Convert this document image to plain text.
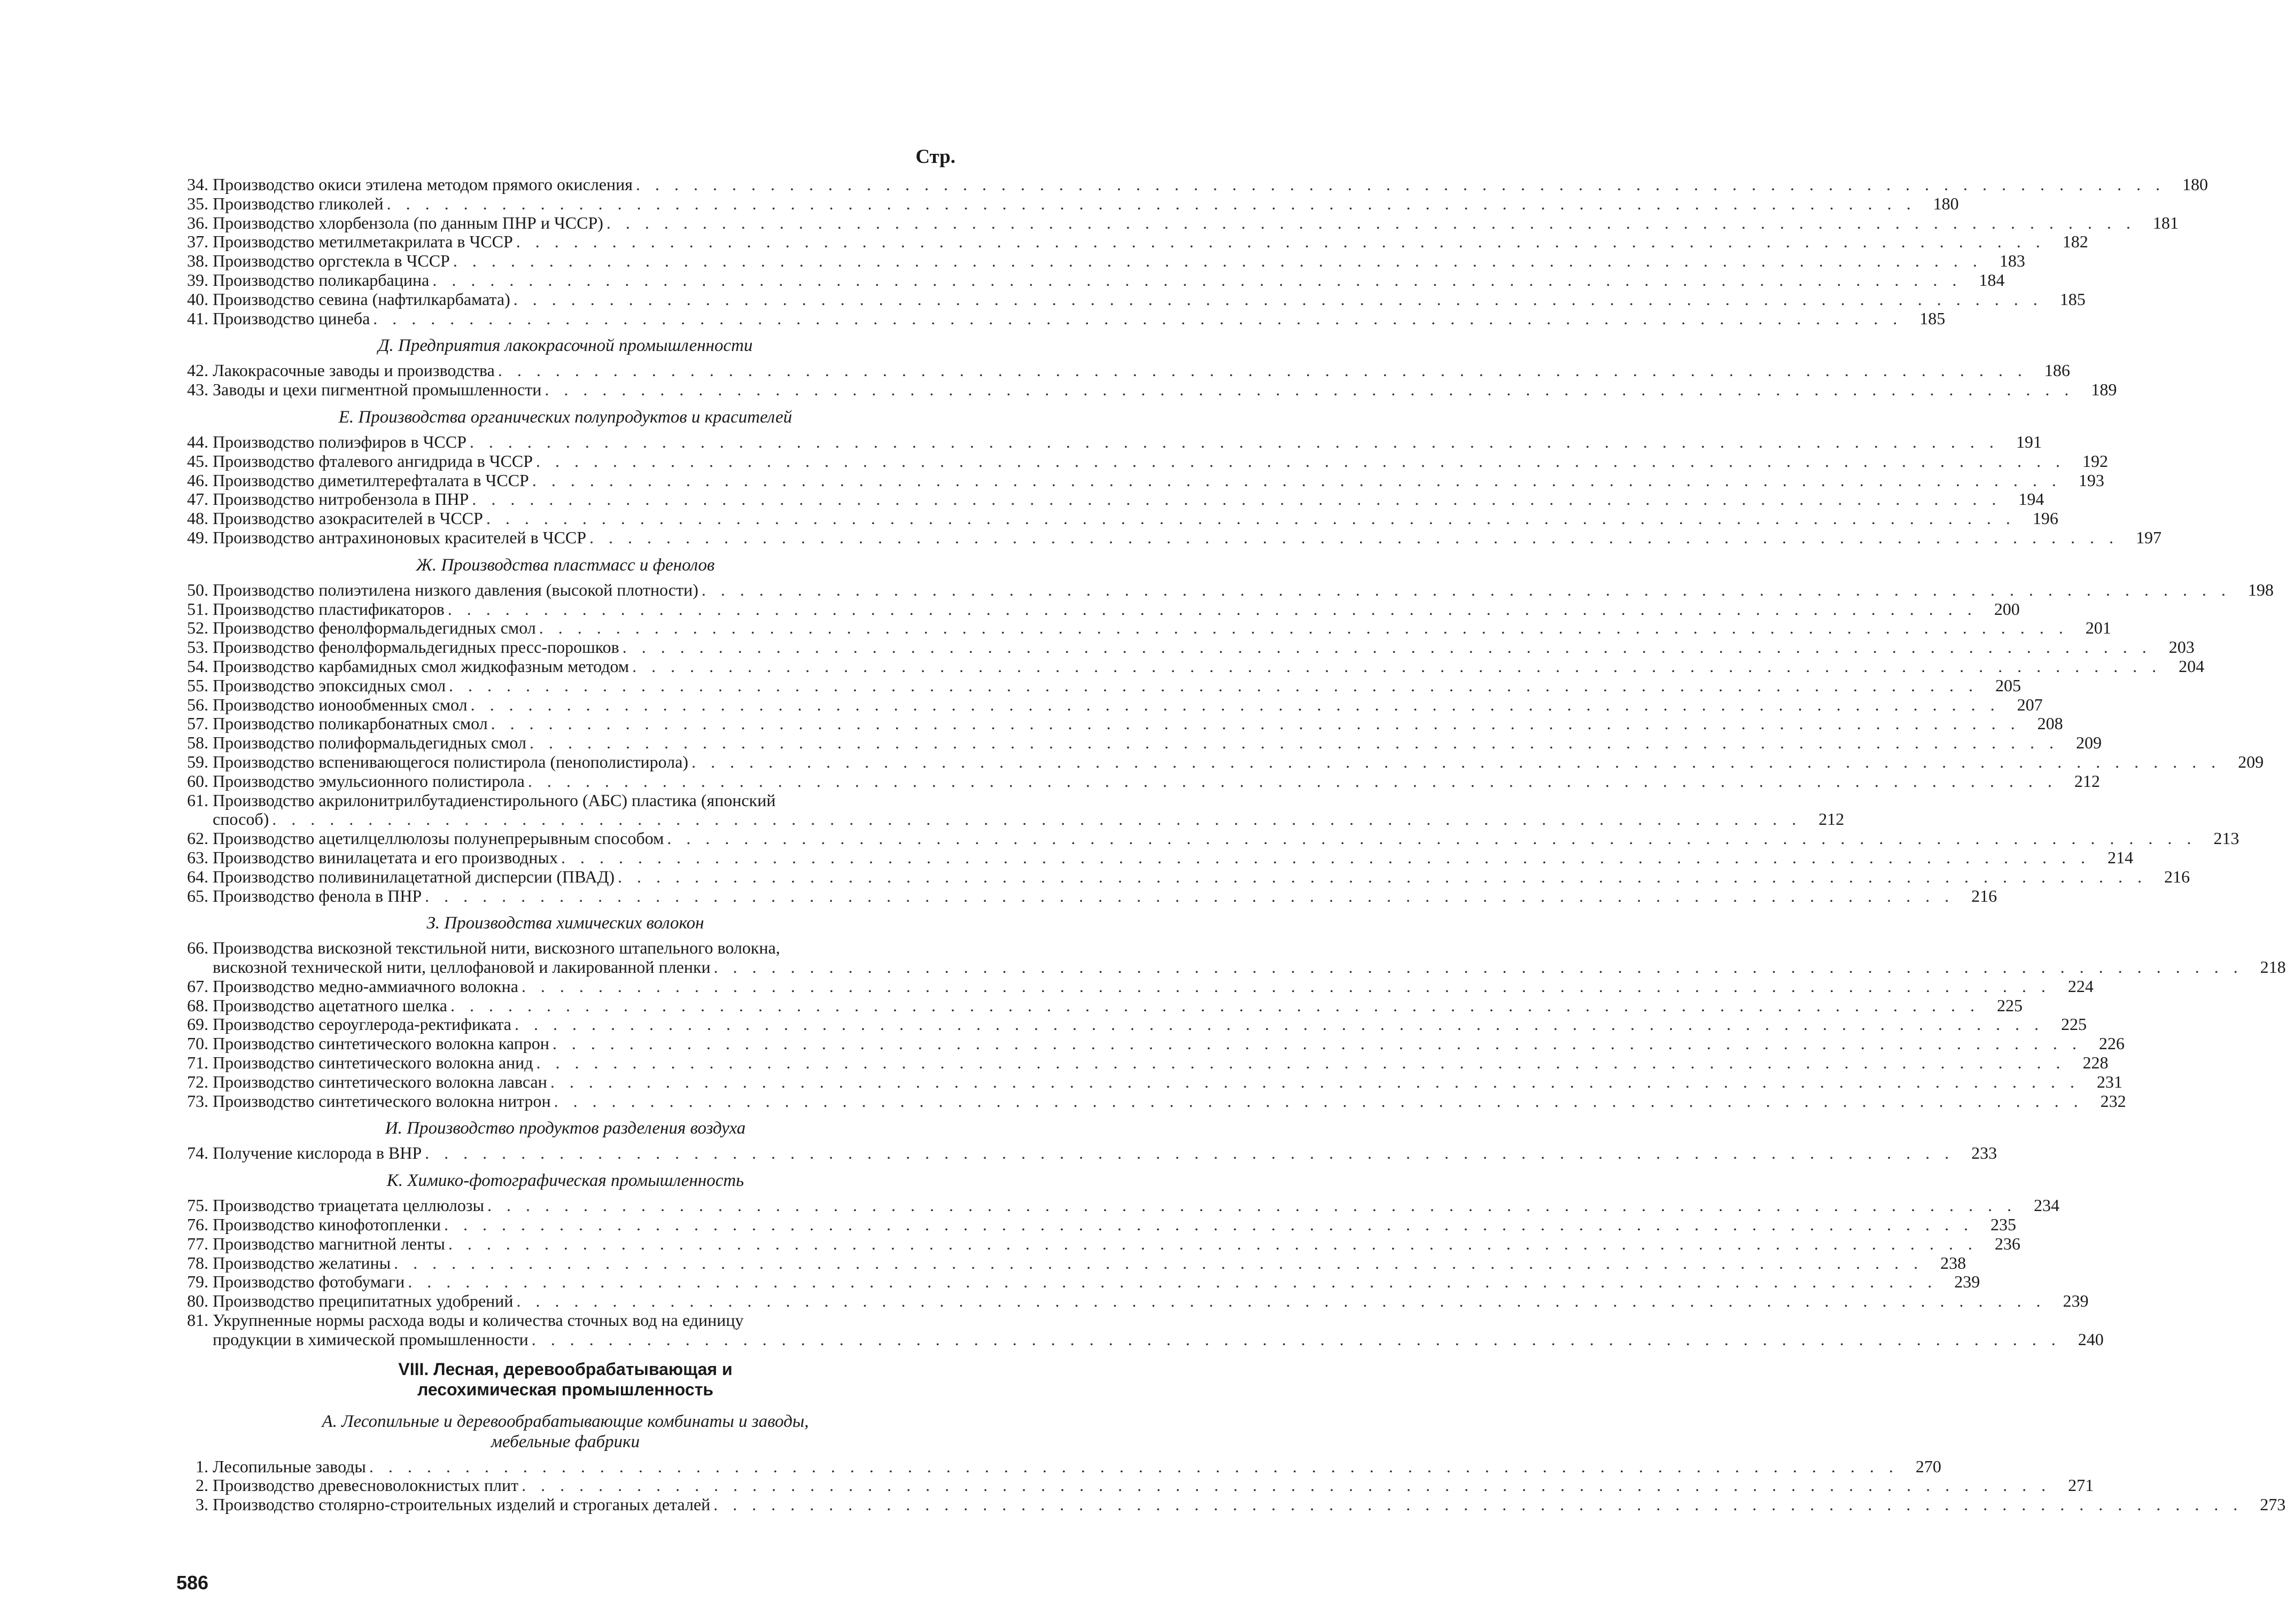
Стр.
34. Производство окиси этилена методом прямого окисления . . .	180
35. Производство гликолей . . .	180
36. Производство хлорбензола (по данным ПНР и ЧССР) . . .	181
37. Производство метилметакрилата в ЧССР . . .	182
38. Производство оргстекла в ЧССР . . .	183
39. Производство поликарбацина . . .	184
40. Производство севина (нафтилкарбамата) . . .	185
41. Производство цинеба . . .	185
Д. Предприятия лакокрасочной промышленности
42. Лакокрасочные заводы и производства . . .	186
43. Заводы и цехи пигментной промышленности . . .	189
Е. Производства органических полупродуктов и красителей
44. Производство полиэфиров в ЧССР . . .	191
45. Производство фталевого ангидрида в ЧССР . . .	192
46. Производство диметилтерефталата в ЧССР . . .	193
47. Производство нитробензола в ПНР . . .	194
48. Производство азокрасителей в ЧССР . . .	196
49. Производство антрахиноновых красителей в ЧССР . . .	197
Ж. Производства пластмасс и фенолов
50. Производство полиэтилена низкого давления (высокой плотности) . . .	198
51. Производство пластификаторов . . .	200
52. Производство фенолформальдегидных смол . . .	201
53. Производство фенолформальдегидных пресс-порошков . . .	203
54. Производство карбамидных смол жидкофазным методом . . .	204
55. Производство эпоксидных смол . . .	205
56. Производство ионообменных смол . . .	207
57. Производство поликарбонатных смол . . .	208
58. Производство полиформальдегидных смол . . .	209
59. Производство вспенивающегося полистирола (пенополистирола) . . .	209
60. Производство эмульсионного полистирола . . .	212
61. Производство акрилонитрилбутадиенстирольного (АБС) пластика (японский
способ) . . .	212
62. Производство ацетилцеллюлозы полунепрерывным способом . . .	213
63. Производство винилацетата и его производных . . .	214
64. Производство поливинилацетатной дисперсии (ПВАД) . . .	216
65. Производство фенола в ПНР . . .	216
З. Производства химических волокон
66. Производства вискозной текстильной нити, вискозного штапельного волокна,
вискозной технической нити, целлофановой и лакированной пленки . . .	218
67. Производство медно-аммиачного волокна . . .	224
68. Производство ацетатного шелка . . .	225
69. Производство сероуглерода-ректификата . . .	225
70. Производство синтетического волокна капрон . . .	226
71. Производство синтетического волокна анид . . .	228
72. Производство синтетического волокна лавсан . . .	231
73. Производство синтетического волокна нитрон . . .	232
И. Производство продуктов разделения воздуха
74. Получение кислорода в ВНР . . .	233
К. Химико-фотографическая промышленность
75. Производство триацетата целлюлозы . . .	234
76. Производство кинофотопленки . . .	235
77. Производство магнитной ленты . . .	236
78. Производство желатины . . .	238
79. Производство фотобумаги . . .	239
80. Производство преципитатных удобрений . . .	239
81. Укрупненные нормы расхода воды и количества сточных вод на единицу
продукции в химической промышленности . . .	240
VIII. Лесная, деревообрабатывающая и
лесохимическая промышленность
А. Лесопильные и деревообрабатывающие комбинаты и заводы,
мебельные фабрики
1. Лесопильные заводы . . .	270
2. Производство древесноволокнистых плит . . .	271
3. Производство столярно-строительных изделий и строганых деталей . . .	273
586
